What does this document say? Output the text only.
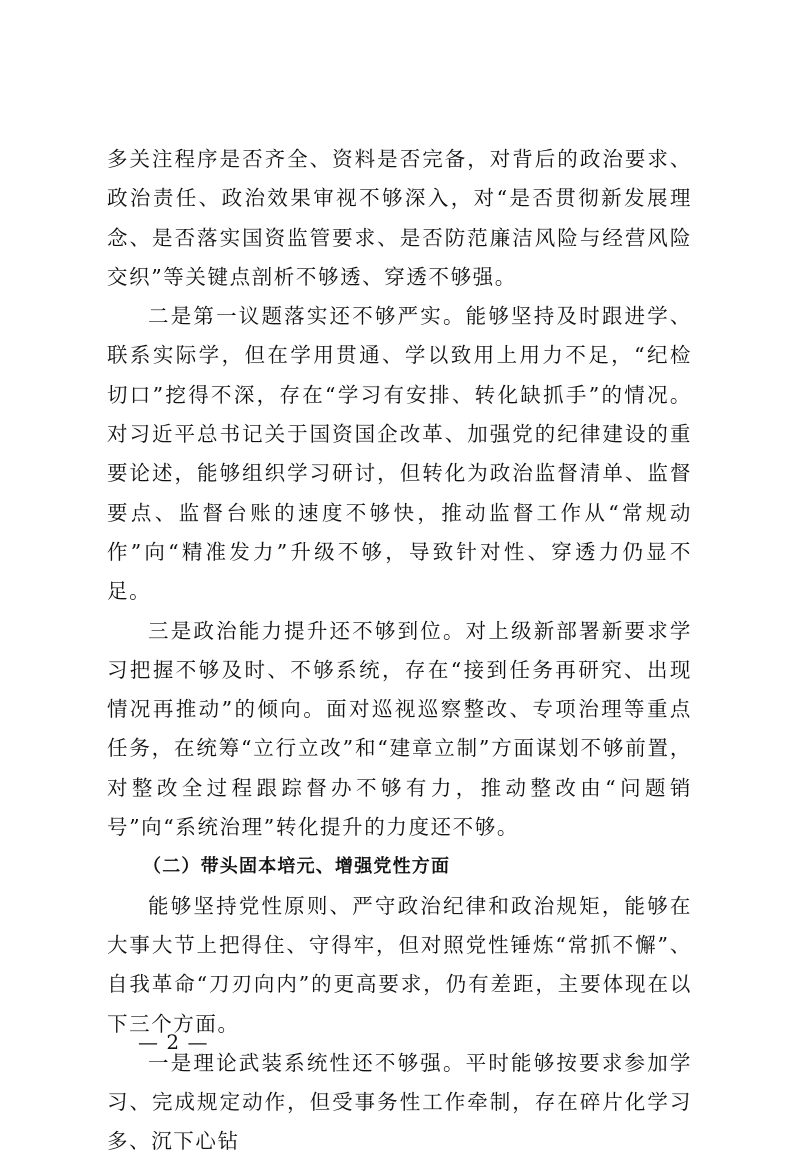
多关注程序是否齐全、资料是否完备，对背后的政治要求、政治责任、政治效果审视不够深入，对“是否贯彻新发展理念、是否落实国资监管要求、是否防范廉洁风险与经营风险交织”等关键点剖析不够透、穿透不够强。

二是第一议题落实还不够严实。能够坚持及时跟进学、联系实际学，但在学用贯通、学以致用上用力不足，“纪检切口”挖得不深，存在“学习有安排、转化缺抓手”的情况。对习近平总书记关于国资国企改革、加强党的纪律建设的重要论述，能够组织学习研讨，但转化为政治监督清单、监督要点、监督台账的速度不够快，推动监督工作从“常规动作”向“精准发力”升级不够，导致针对性、穿透力仍显不足。

三是政治能力提升还不够到位。对上级新部署新要求学习把握不够及时、不够系统，存在“接到任务再研究、出现情况再推动”的倾向。面对巡视巡察整改、专项治理等重点任务，在统筹“立行立改”和“建章立制”方面谋划不够前置，对整改全过程跟踪督办不够有力，推动整改由“问题销号”向“系统治理”转化提升的力度还不够。

（二）带头固本培元、增强党性方面

能够坚持党性原则、严守政治纪律和政治规矩，能够在大事大节上把得住、守得牢，但对照党性锤炼“常抓不懈”、自我革命“刀刃向内”的更高要求，仍有差距，主要体现在以下三个方面。

一是理论武装系统性还不够强。平时能够按要求参加学习、完成规定动作，但受事务性工作牵制，存在碎片化学习多、沉下心钻

— 2 —
